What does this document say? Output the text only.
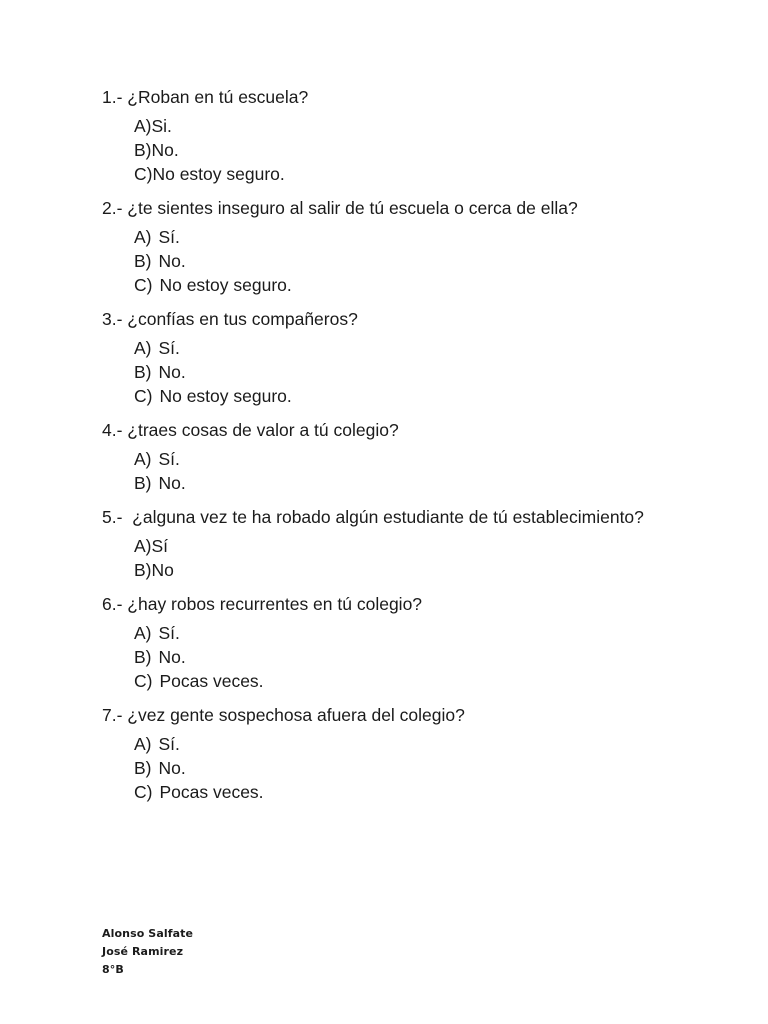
1.- ¿Roban en tú escuela?

A)Si.
B)No.
C)No estoy seguro.

2.- ¿te sientes inseguro al salir de tú escuela o cerca de ella?

A) Sí.
B) No.
C) No estoy seguro.

3.- ¿confías en tus compañeros?

A) Sí.
B) No.
C) No estoy seguro.

4.- ¿traes cosas de valor a tú colegio?

A) Sí.
B) No.

5.-  ¿alguna vez te ha robado algún estudiante de tú establecimiento?

A)Sí
B)No

6.- ¿hay robos recurrentes en tú colegio?

A) Sí.
B) No.
C) Pocas veces.

7.- ¿vez gente sospechosa afuera del colegio?

A) Sí.
B) No.
C) Pocas veces.
Alonso Salfate
José Ramirez
8°B
